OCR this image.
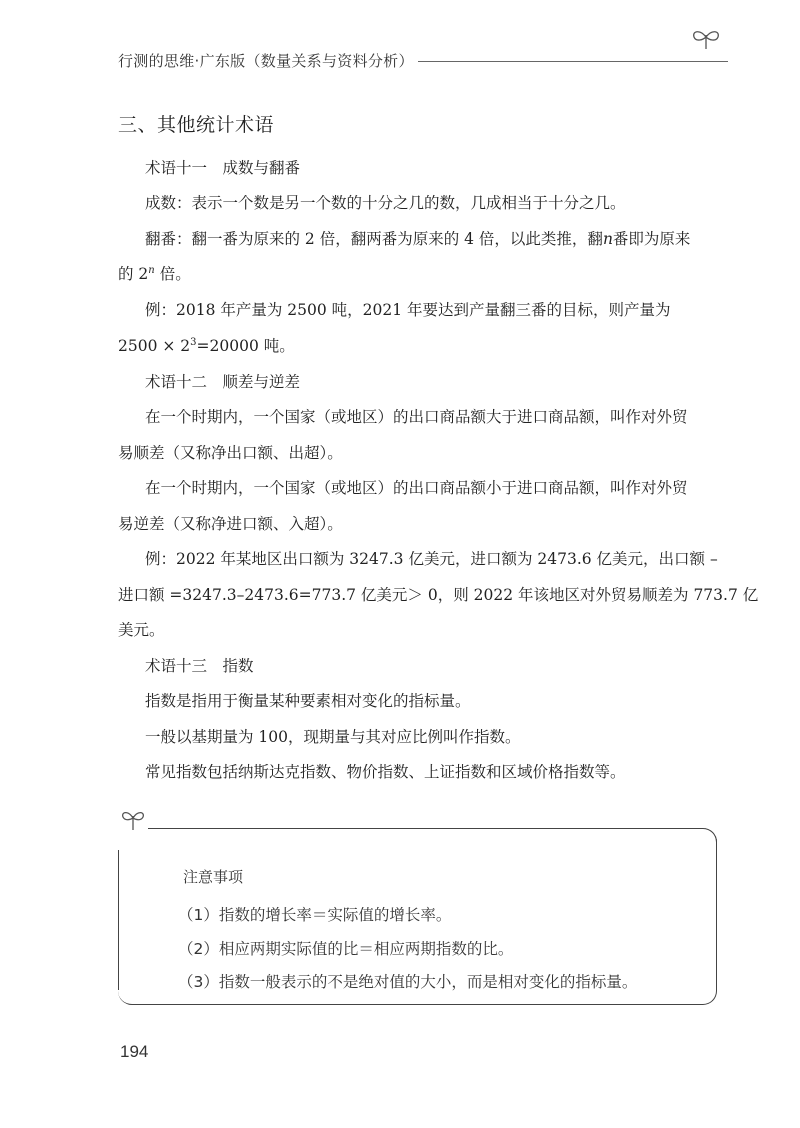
行测的思维·广东版（数量关系与资料分析）
三、其他统计术语
术语十一　成数与翻番
成数：表示一个数是另一个数的十分之几的数，几成相当于十分之几。
翻番：翻一番为原来的 2 倍，翻两番为原来的 4 倍，以此类推，翻n番即为原来
的 2$^n$ 倍。
例：2018 年产量为 2500 吨，2021 年要达到产量翻三番的目标，则产量为
$2500 \times 2^3=20000$ 吨。
术语十二　顺差与逆差
在一个时期内，一个国家（或地区）的出口商品额大于进口商品额，叫作对外贸
易顺差（又称净出口额、出超）。
在一个时期内，一个国家（或地区）的出口商品额小于进口商品额，叫作对外贸
易逆差（又称净进口额、入超）。
例：2022 年某地区出口额为 3247.3 亿美元，进口额为 2473.6 亿美元，出口额 –
进口额 =3247.3–2473.6=773.7 亿美元＞ 0，则 2022 年该地区对外贸易顺差为 773.7 亿
美元。
术语十三　指数
指数是指用于衡量某种要素相对变化的指标量。
一般以基期量为 100，现期量与其对应比例叫作指数。
常见指数包括纳斯达克指数、物价指数、上证指数和区域价格指数等。
注意事项
（1）指数的增长率＝实际值的增长率。
（2）相应两期实际值的比＝相应两期指数的比。
（3）指数一般表示的不是绝对值的大小，而是相对变化的指标量。
194
